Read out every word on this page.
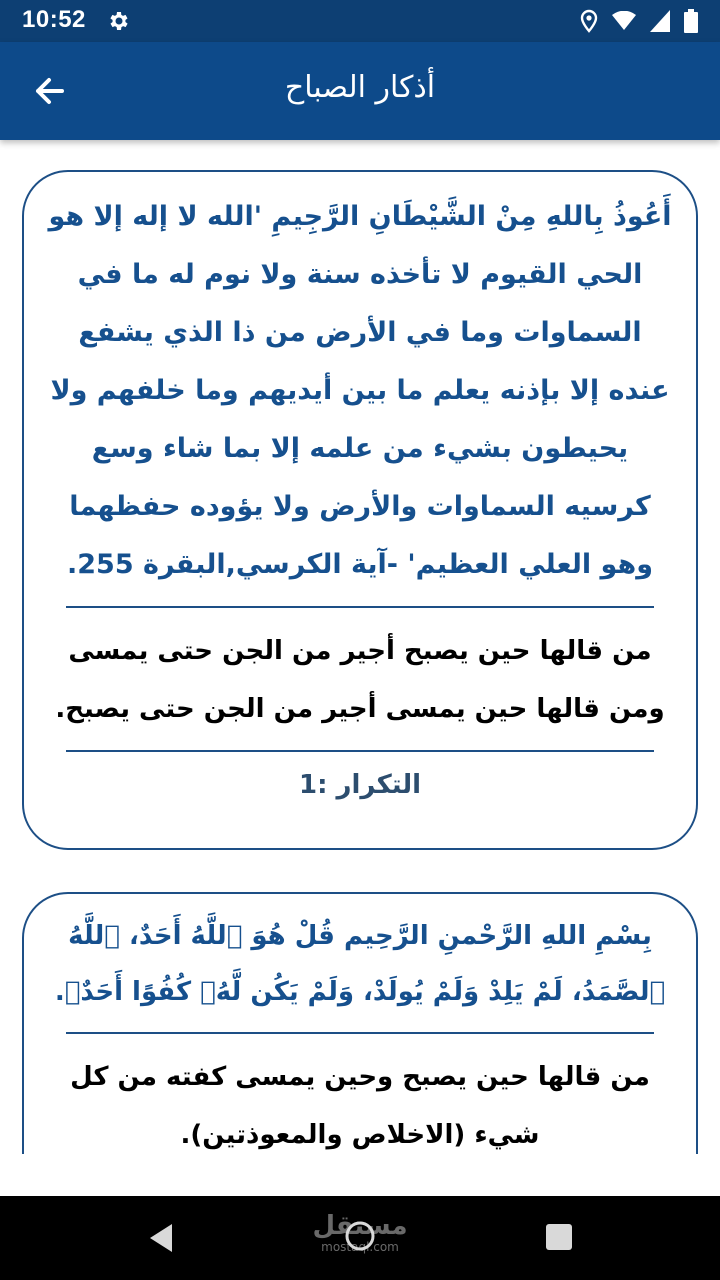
10:52
أذكار الصباح

أَعُوذُ بِاللهِ مِنْ الشَّيْطَانِ الرَّجِيمِ 'الله لا إله إلا هو الحي القيوم لا تأخذه سنة ولا نوم له ما في السماوات وما في الأرض من ذا الذي يشفع عنده إلا بإذنه يعلم ما بين أيديهم وما خلفهم ولا يحيطون بشيء من علمه إلا بما شاء وسع كرسيه السماوات والأرض ولا يؤوده حفظهما وهو العلي العظيم' -آية الكرسي,البقرة 255.

من قالها حين يصبح أجير من الجن حتى يمسى ومن قالها حين يمسى أجير من الجن حتى يصبح.

التكرار :1

بِسْمِ اللهِ الرَّحْمنِ الرَّحِيم قُلْ هُوَ ٱللَّهُ أَحَدٌ، ٱللَّهُ ٱلصَّمَدُ، لَمْ يَلِدْ وَلَمْ يُولَدْ، وَلَمْ يَكُن لَّهُۥ كُفُوًا أَحَدٌۢ.

من قالها حين يصبح وحين يمسى كفته من كل شيء (الاخلاص والمعوذتين).

مستقل
mostaql.com
